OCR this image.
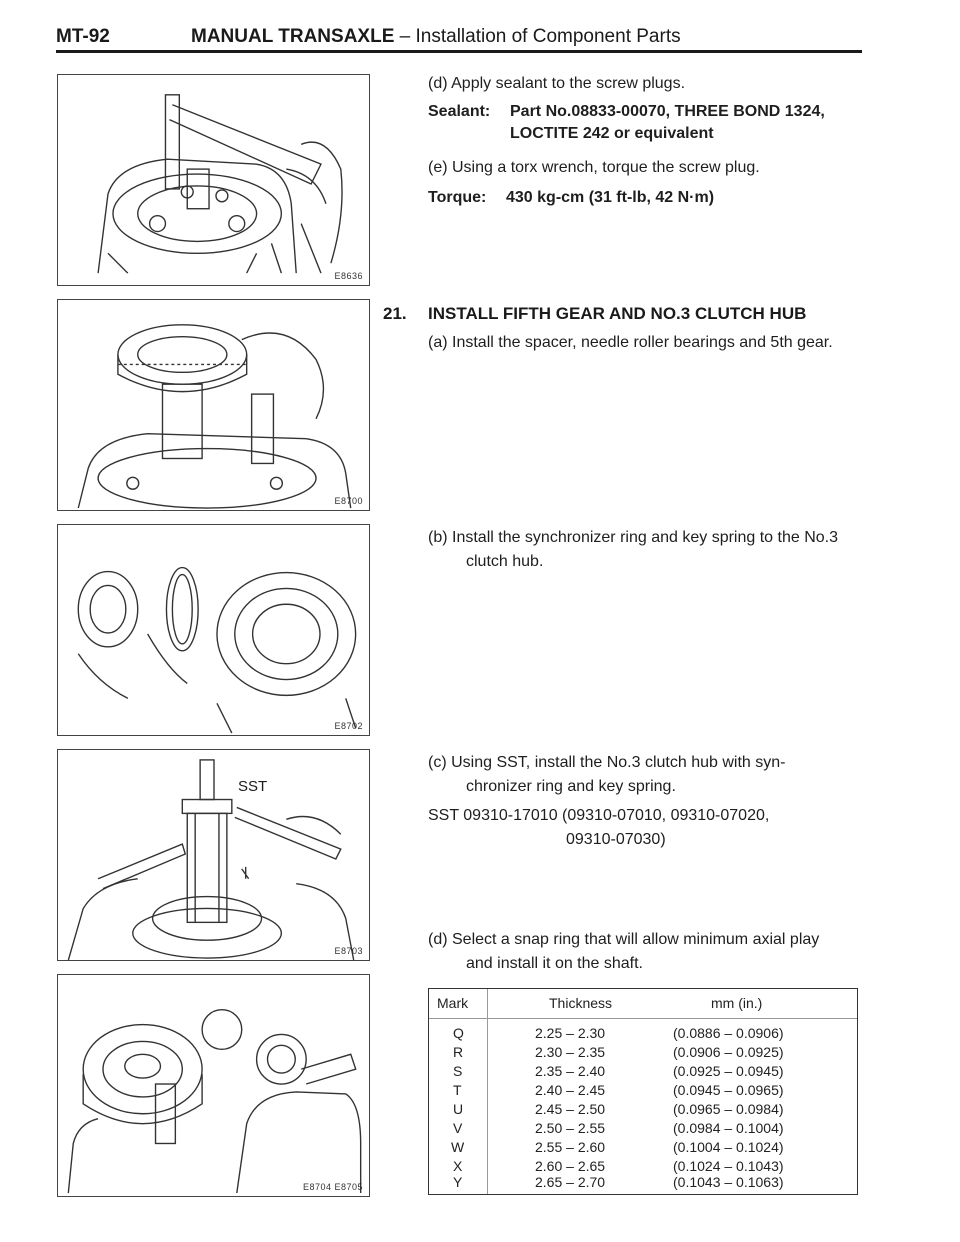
MT-92	MANUAL TRANSAXLE – Installation of Component Parts
E8636
E8700
E8702
SST
E8703
E8704 E8705
(d) Apply sealant to the screw plugs.
Sealant: Part No.08833-00070, THREE BOND 1324,
LOCTITE 242 or equivalent
(e) Using a torx wrench, torque the screw plug.
Torque: 430 kg-cm (31 ft-lb, 42 N·m)
21. INSTALL FIFTH GEAR AND NO.3 CLUTCH HUB
(a) Install the spacer, needle roller bearings and 5th gear.
(b) Install the synchronizer ring and key spring to the No.3
clutch hub.
(c) Using SST, install the No.3 clutch hub with syn-
chronizer ring and key spring.
SST 09310-17010 (09310-07010, 09310-07020,
09310-07030)
(d) Select a snap ring that will allow minimum axial play
and install it on the shaft.
Mark	Thickness	mm (in.)
Q	2.25 – 2.30	(0.0886 – 0.0906)
R	2.30 – 2.35	(0.0906 – 0.0925)
S	2.35 – 2.40	(0.0925 – 0.0945)
T	2.40 – 2.45	(0.0945 – 0.0965)
U	2.45 – 2.50	(0.0965 – 0.0984)
V	2.50 – 2.55	(0.0984 – 0.1004)
W	2.55 – 2.60	(0.1004 – 0.1024)
X	2.60 – 2.65	(0.1024 – 0.1043)
Y	2.65 – 2.70	(0.1043 – 0.1063)
